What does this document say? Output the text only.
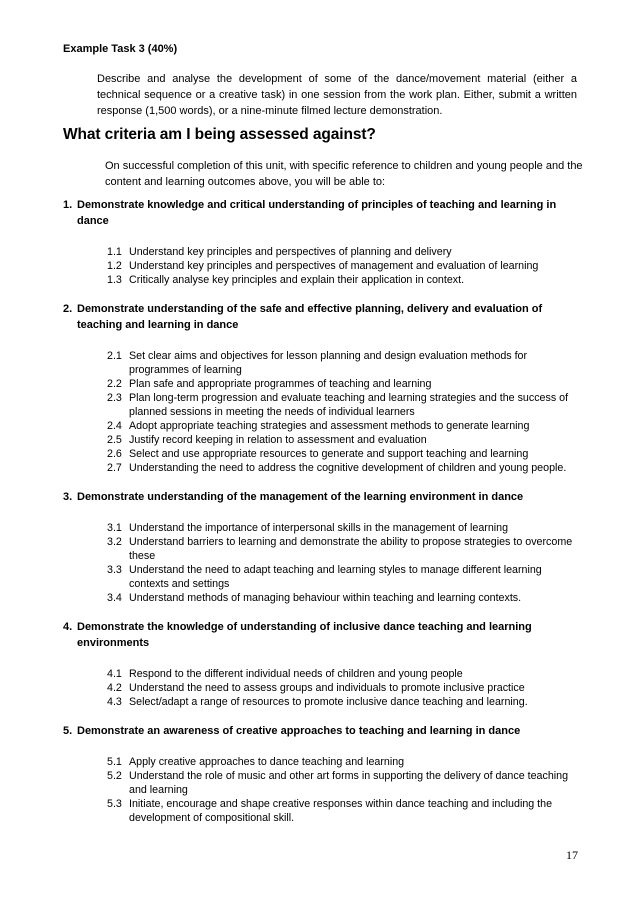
Example Task 3 (40%)
Describe and analyse the development of some of the dance/movement material (either a technical sequence or a creative task) in one session from the work plan. Either, submit a written response (1,500 words), or a nine-minute filmed lecture demonstration.
What criteria am I being assessed against?
On successful completion of this unit, with specific reference to children and young people and the content and learning outcomes above, you will be able to:
1. Demonstrate knowledge and critical understanding of principles of teaching and learning in dance
1.1 Understand key principles and perspectives of planning and delivery
1.2 Understand key principles and perspectives of management and evaluation of learning
1.3 Critically analyse key principles and explain their application in context.
2. Demonstrate understanding of the safe and effective planning, delivery and evaluation of teaching and learning in dance
2.1 Set clear aims and objectives for lesson planning and design evaluation methods for programmes of learning
2.2 Plan safe and appropriate programmes of teaching and learning
2.3 Plan long-term progression and evaluate teaching and learning strategies and the success of planned sessions in meeting the needs of individual learners
2.4 Adopt appropriate teaching strategies and assessment methods to generate learning
2.5 Justify record keeping in relation to assessment and evaluation
2.6 Select and use appropriate resources to generate and support teaching and learning
2.7 Understanding the need to address the cognitive development of children and young people.
3. Demonstrate understanding of the management of the learning environment in dance
3.1 Understand the importance of interpersonal skills in the management of learning
3.2 Understand barriers to learning and demonstrate the ability to propose strategies to overcome these
3.3 Understand the need to adapt teaching and learning styles to manage different learning contexts and settings
3.4 Understand methods of managing behaviour within teaching and learning contexts.
4. Demonstrate the knowledge of understanding of inclusive dance teaching and learning environments
4.1 Respond to the different individual needs of children and young people
4.2 Understand the need to assess groups and individuals to promote inclusive practice
4.3 Select/adapt a range of resources to promote inclusive dance teaching and learning.
5. Demonstrate an awareness of creative approaches to teaching and learning in dance
5.1 Apply creative approaches to dance teaching and learning
5.2 Understand the role of music and other art forms in supporting the delivery of dance teaching and learning
5.3 Initiate, encourage and shape creative responses within dance teaching and including the development of compositional skill.
17
